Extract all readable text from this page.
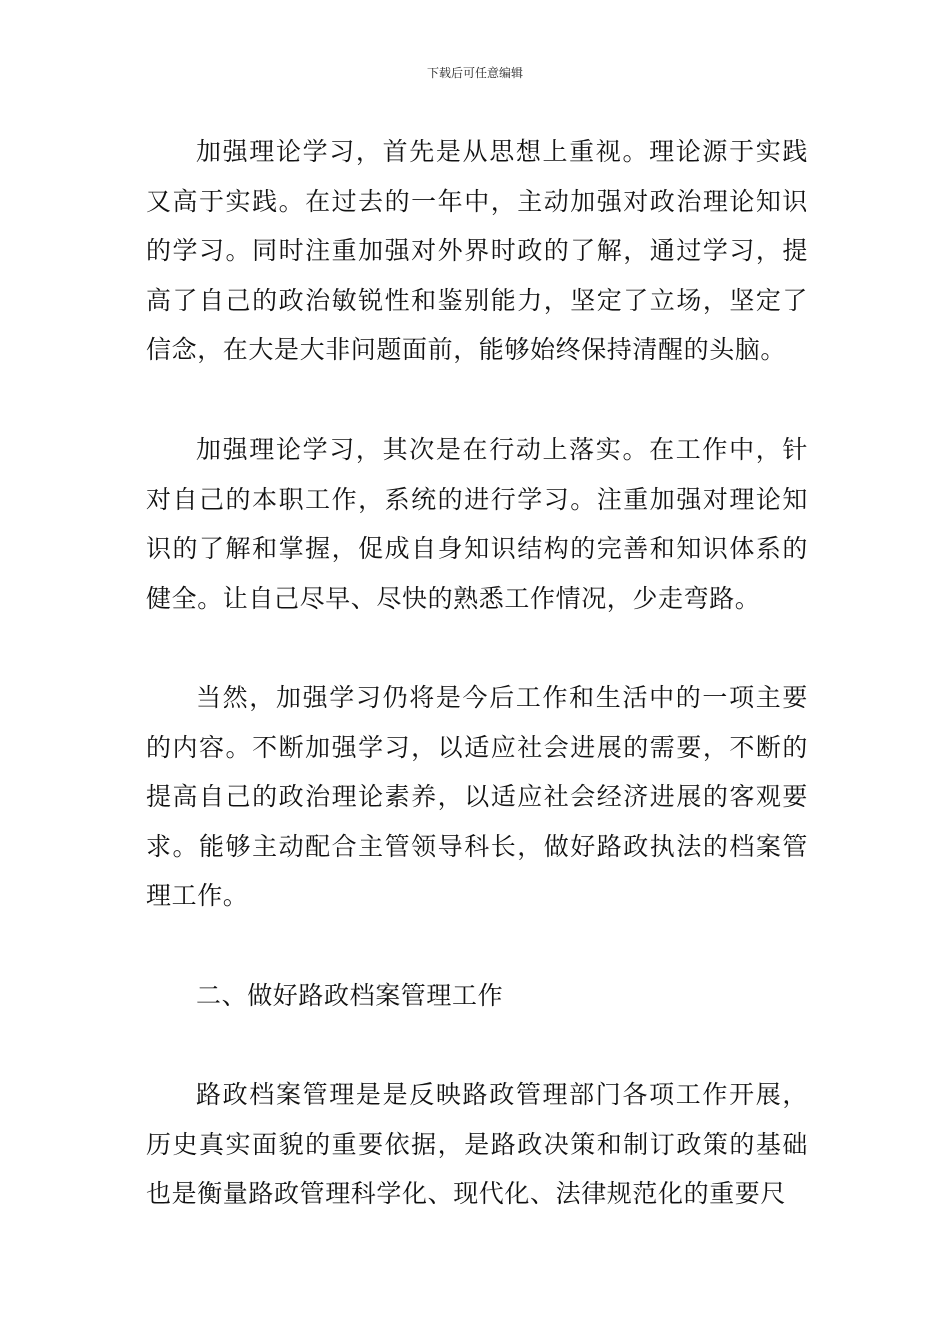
下载后可任意编辑

加强理论学习，首先是从思想上重视。理论源于实践又高于实践。在过去的一年中，主动加强对政治理论知识的学习。同时注重加强对外界时政的了解，通过学习，提高了自己的政治敏锐性和鉴别能力，坚定了立场，坚定了信念，在大是大非问题面前，能够始终保持清醒的头脑。

加强理论学习，其次是在行动上落实。在工作中，针对自己的本职工作，系统的进行学习。注重加强对理论知识的了解和掌握，促成自身知识结构的完善和知识体系的健全。让自己尽早、尽快的熟悉工作情况，少走弯路。

当然，加强学习仍将是今后工作和生活中的一项主要的内容。不断加强学习，以适应社会进展的需要，不断的提高自己的政治理论素养，以适应社会经济进展的客观要求。能够主动配合主管领导科长，做好路政执法的档案管理工作。

二、做好路政档案管理工作

路政档案管理是是反映路政管理部门各项工作开展，历史真实面貌的重要依据，是路政决策和制订政策的基础也是衡量路政管理科学化、现代化、法律规范化的重要尺
